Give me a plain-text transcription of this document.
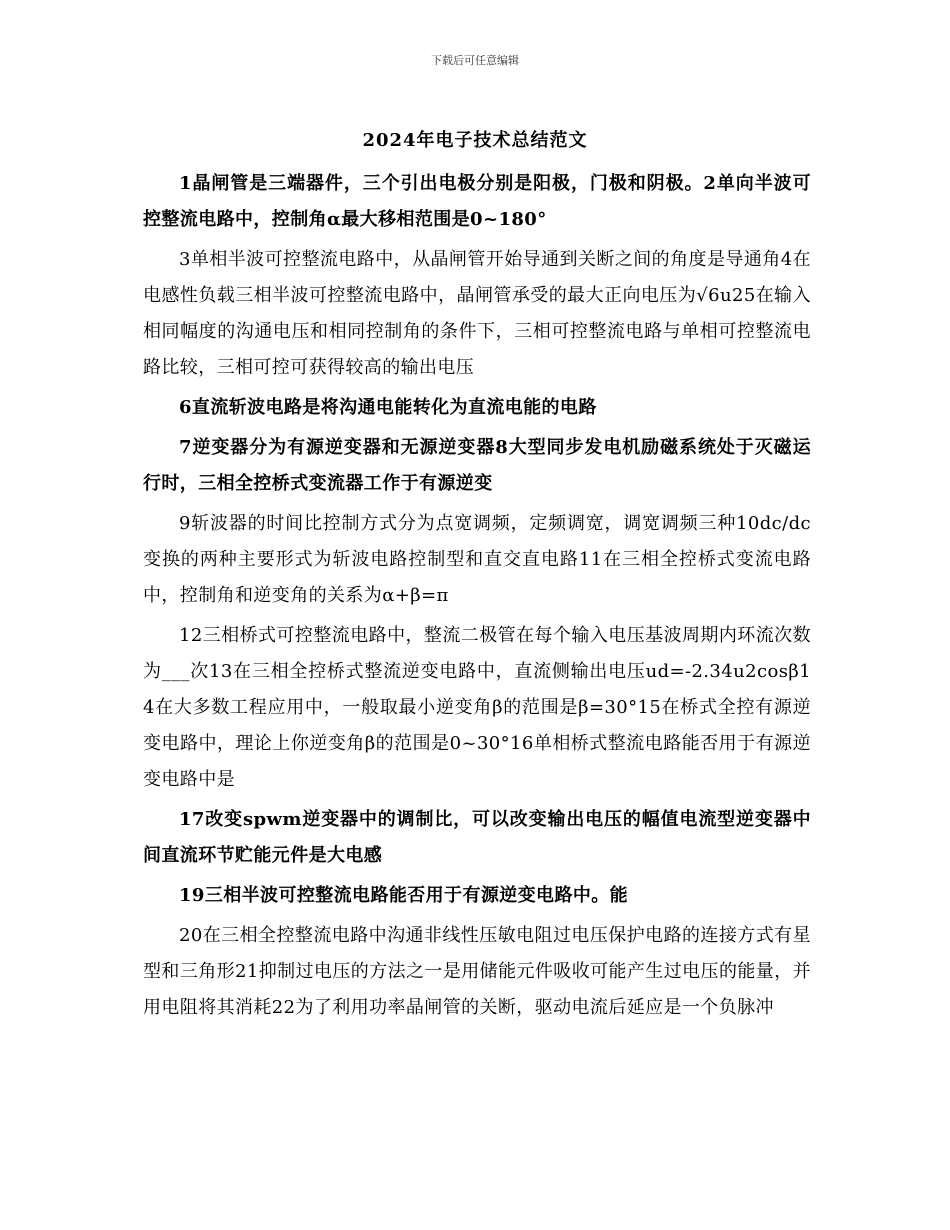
下载后可任意编辑
2024年电子技术总结范文

1晶闸管是三端器件，三个引出电极分别是阳极，门极和阴极。2单向半波可控整流电路中，控制角α最大移相范围是0~180°

3单相半波可控整流电路中，从晶闸管开始导通到关断之间的角度是导通角4在电感性负载三相半波可控整流电路中，晶闸管承受的最大正向电压为√6u25在输入相同幅度的沟通电压和相同控制角的条件下，三相可控整流电路与单相可控整流电路比较，三相可控可获得较高的输出电压

6直流斩波电路是将沟通电能转化为直流电能的电路

7逆变器分为有源逆变器和无源逆变器8大型同步发电机励磁系统处于灭磁运行时，三相全控桥式变流器工作于有源逆变

9斩波器的时间比控制方式分为点宽调频，定频调宽，调宽调频三种10dc/dc变换的两种主要形式为斩波电路控制型和直交直电路11在三相全控桥式变流电路中，控制角和逆变角的关系为α+β=π

12三相桥式可控整流电路中，整流二极管在每个输入电压基波周期内环流次数为___次13在三相全控桥式整流逆变电路中，直流侧输出电压ud=-2.34u2cosβ14在大多数工程应用中，一般取最小逆变角β的范围是β=30°15在桥式全控有源逆变电路中，理论上你逆变角β的范围是0~30°16单相桥式整流电路能否用于有源逆变电路中是

17改变spwm逆变器中的调制比，可以改变输出电压的幅值电流型逆变器中间直流环节贮能元件是大电感

19三相半波可控整流电路能否用于有源逆变电路中。能

20在三相全控整流电路中沟通非线性压敏电阻过电压保护电路的连接方式有星型和三角形21抑制过电压的方法之一是用储能元件吸收可能产生过电压的能量，并用电阻将其消耗22为了利用功率晶闸管的关断，驱动电流后延应是一个负脉冲
